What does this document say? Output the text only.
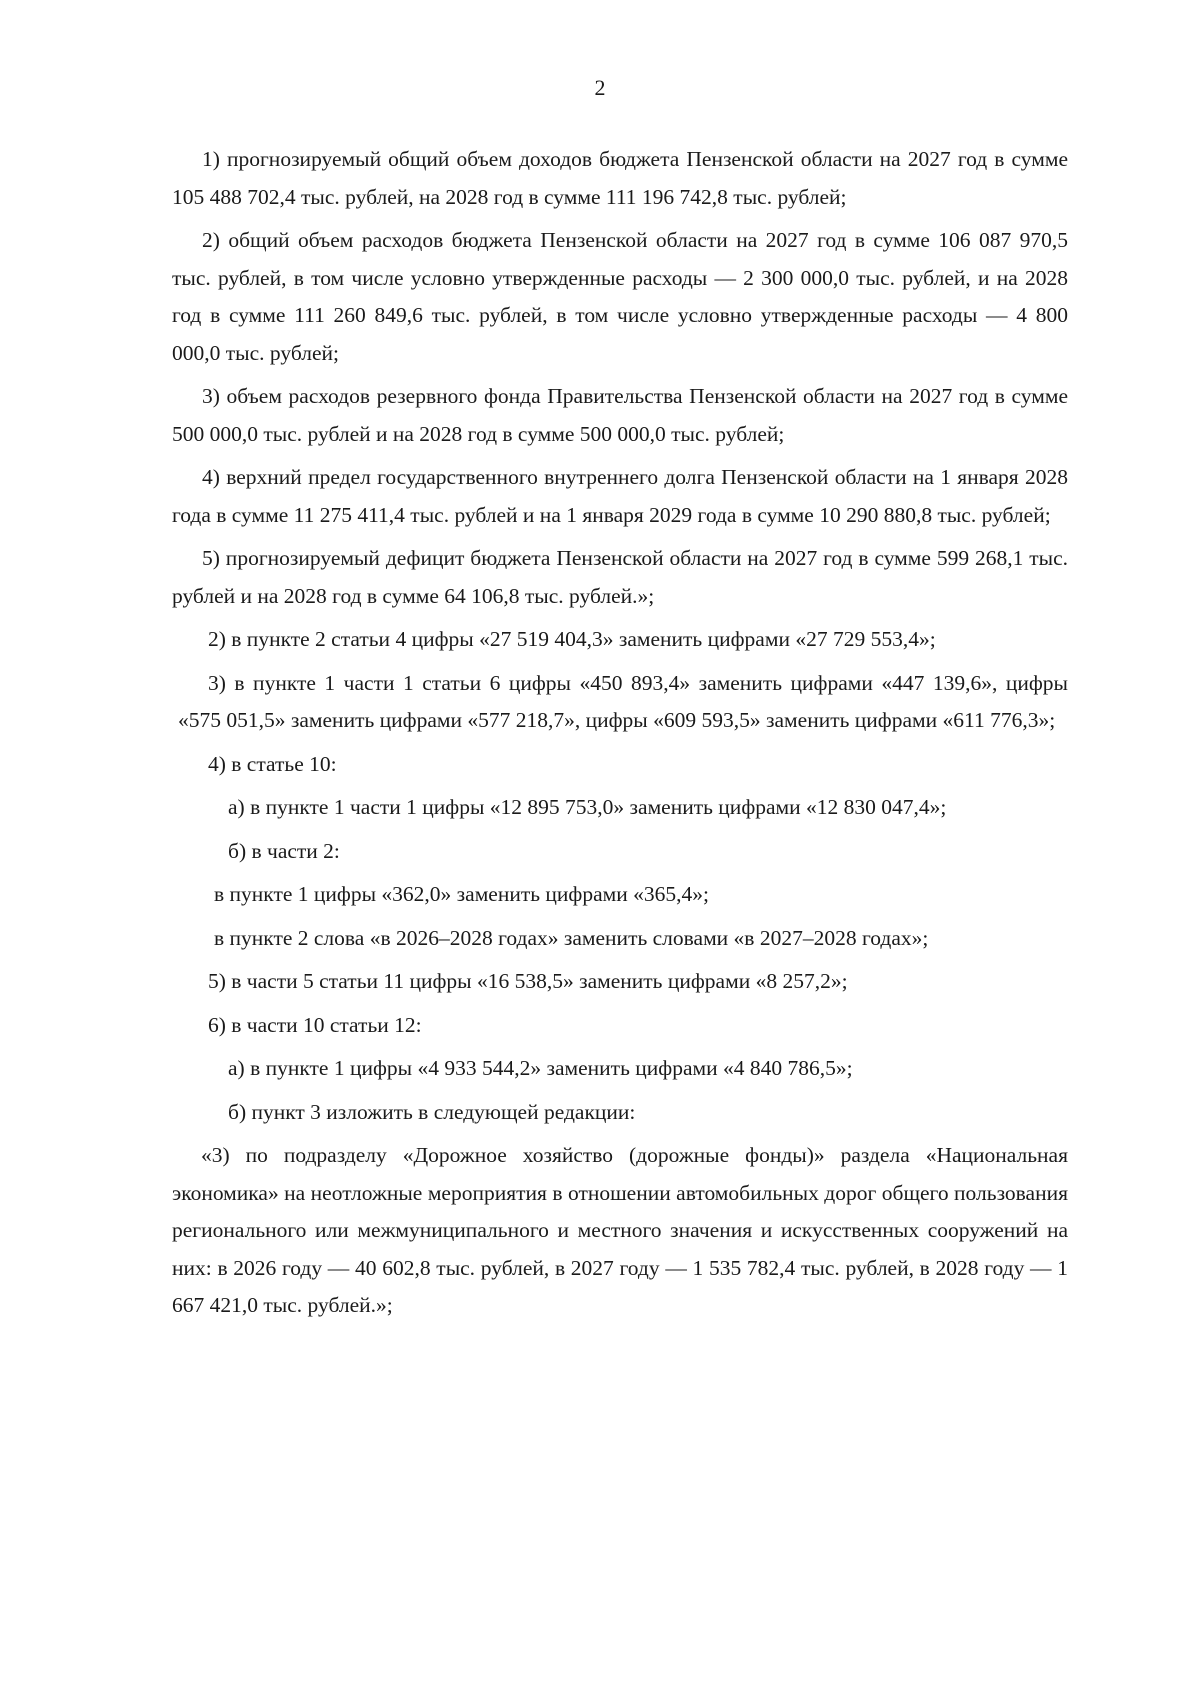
2

1) прогнозируемый общий объем доходов бюджета Пензенской области на 2027 год в сумме 105 488 702,4 тыс. рублей, на 2028 год в сумме 111 196 742,8 тыс. рублей;

2) общий объем расходов бюджета Пензенской области на 2027 год в сумме 106 087 970,5 тыс. рублей, в том числе условно утвержденные расходы — 2 300 000,0 тыс. рублей, и на 2028 год в сумме 111 260 849,6 тыс. рублей, в том числе условно утвержденные расходы — 4 800 000,0 тыс. рублей;

3) объем расходов резервного фонда Правительства Пензенской области на 2027 год в сумме 500 000,0 тыс. рублей и на 2028 год в сумме 500 000,0 тыс. рублей;

4) верхний предел государственного внутреннего долга Пензенской области на 1 января 2028 года в сумме 11 275 411,4 тыс. рублей и на 1 января 2029 года в сумме 10 290 880,8 тыс. рублей;

5) прогнозируемый дефицит бюджета Пензенской области на 2027 год в сумме 599 268,1 тыс. рублей и на 2028 год в сумме 64 106,8 тыс. рублей.»;

2) в пункте 2 статьи 4 цифры «27 519 404,3» заменить цифрами «27 729 553,4»;

3) в пункте 1 части 1 статьи 6 цифры «450 893,4» заменить цифрами «447 139,6», цифры «575 051,5» заменить цифрами «577 218,7», цифры «609 593,5» заменить цифрами «611 776,3»;

4) в статье 10:

а) в пункте 1 части 1 цифры «12 895 753,0» заменить цифрами «12 830 047,4»;

б) в части 2:

в пункте 1 цифры «362,0» заменить цифрами «365,4»;

в пункте 2 слова «в 2026–2028 годах» заменить словами «в 2027–2028 годах»;

5) в части 5 статьи 11 цифры «16 538,5» заменить цифрами «8 257,2»;

6) в части 10 статьи 12:

а) в пункте 1 цифры «4 933 544,2» заменить цифрами «4 840 786,5»;

б) пункт 3 изложить в следующей редакции:

«3) по подразделу «Дорожное хозяйство (дорожные фонды)» раздела «Национальная экономика» на неотложные мероприятия в отношении автомобильных дорог общего пользования регионального или межмуниципального и местного значения и искусственных сооружений на них: в 2026 году — 40 602,8 тыс. рублей, в 2027 году — 1 535 782,4 тыс. рублей, в 2028 году — 1 667 421,0 тыс. рублей.»;
